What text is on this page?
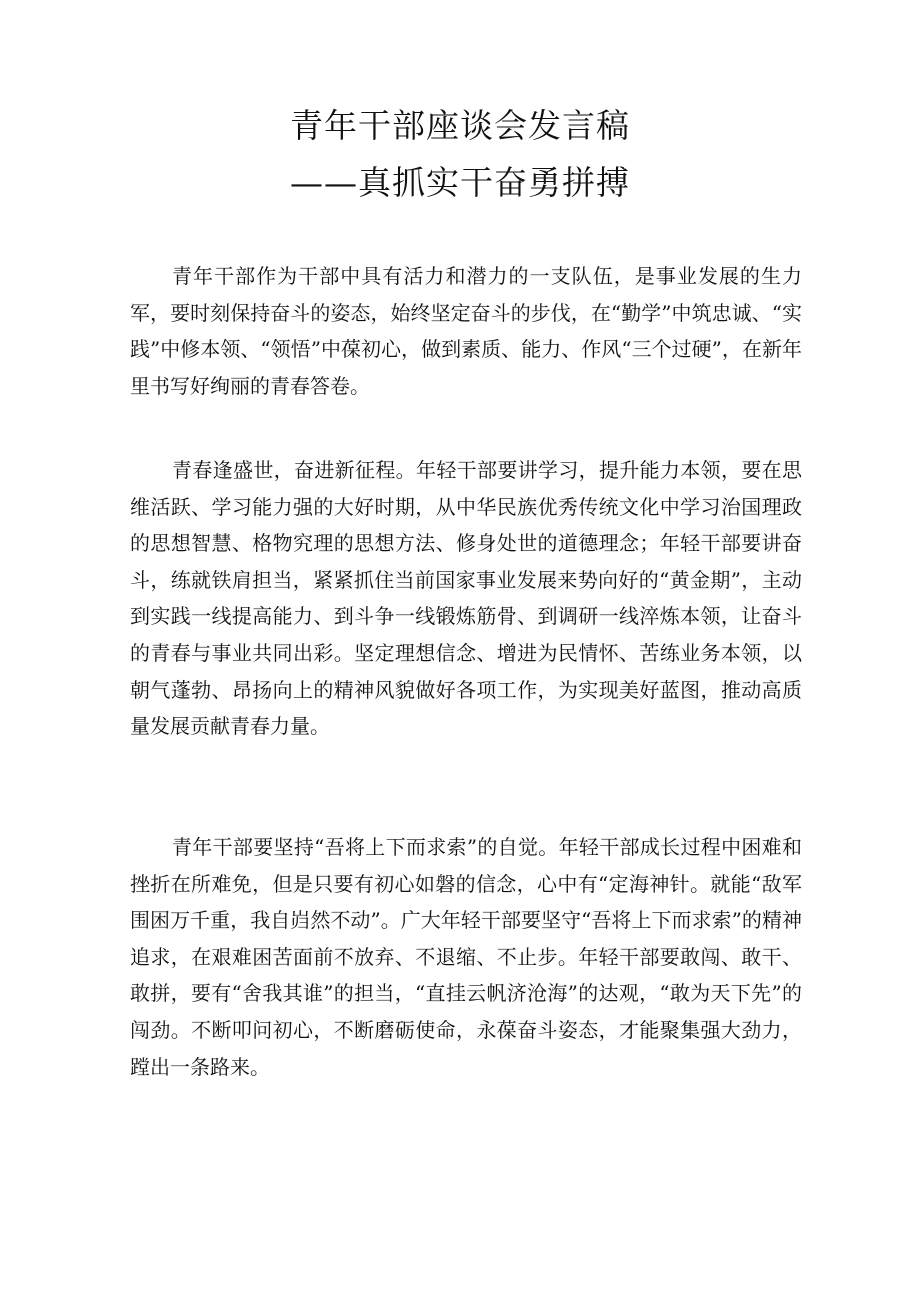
青年干部座谈会发言稿
——真抓实干奋勇拼搏

青年干部作为干部中具有活力和潜力的一支队伍，是事业发展的生力军，要时刻保持奋斗的姿态，始终坚定奋斗的步伐，在“勤学”中筑忠诚、“实践”中修本领、“领悟”中葆初心，做到素质、能力、作风“三个过硬”，在新年里书写好绚丽的青春答卷。

青春逢盛世，奋进新征程。年轻干部要讲学习，提升能力本领，要在思维活跃、学习能力强的大好时期，从中华民族优秀传统文化中学习治国理政的思想智慧、格物究理的思想方法、修身处世的道德理念；年轻干部要讲奋斗，练就铁肩担当，紧紧抓住当前国家事业发展来势向好的“黄金期”，主动到实践一线提高能力、到斗争一线锻炼筋骨、到调研一线淬炼本领，让奋斗的青春与事业共同出彩。坚定理想信念、增进为民情怀、苦练业务本领，以朝气蓬勃、昂扬向上的精神风貌做好各项工作，为实现美好蓝图，推动高质量发展贡献青春力量。

青年干部要坚持“吾将上下而求索”的自觉。年轻干部成长过程中困难和挫折在所难免，但是只要有初心如磐的信念，心中有“定海神针。就能“敌军围困万千重，我自岿然不动”。广大年轻干部要坚守“吾将上下而求索”的精神追求，在艰难困苦面前不放弃、不退缩、不止步。年轻干部要敢闯、敢干、敢拼，要有“舍我其谁”的担当，“直挂云帆济沧海”的达观，“敢为天下先”的闯劲。不断叩问初心，不断磨砺使命，永葆奋斗姿态，才能聚集强大劲力，蹚出一条路来。
